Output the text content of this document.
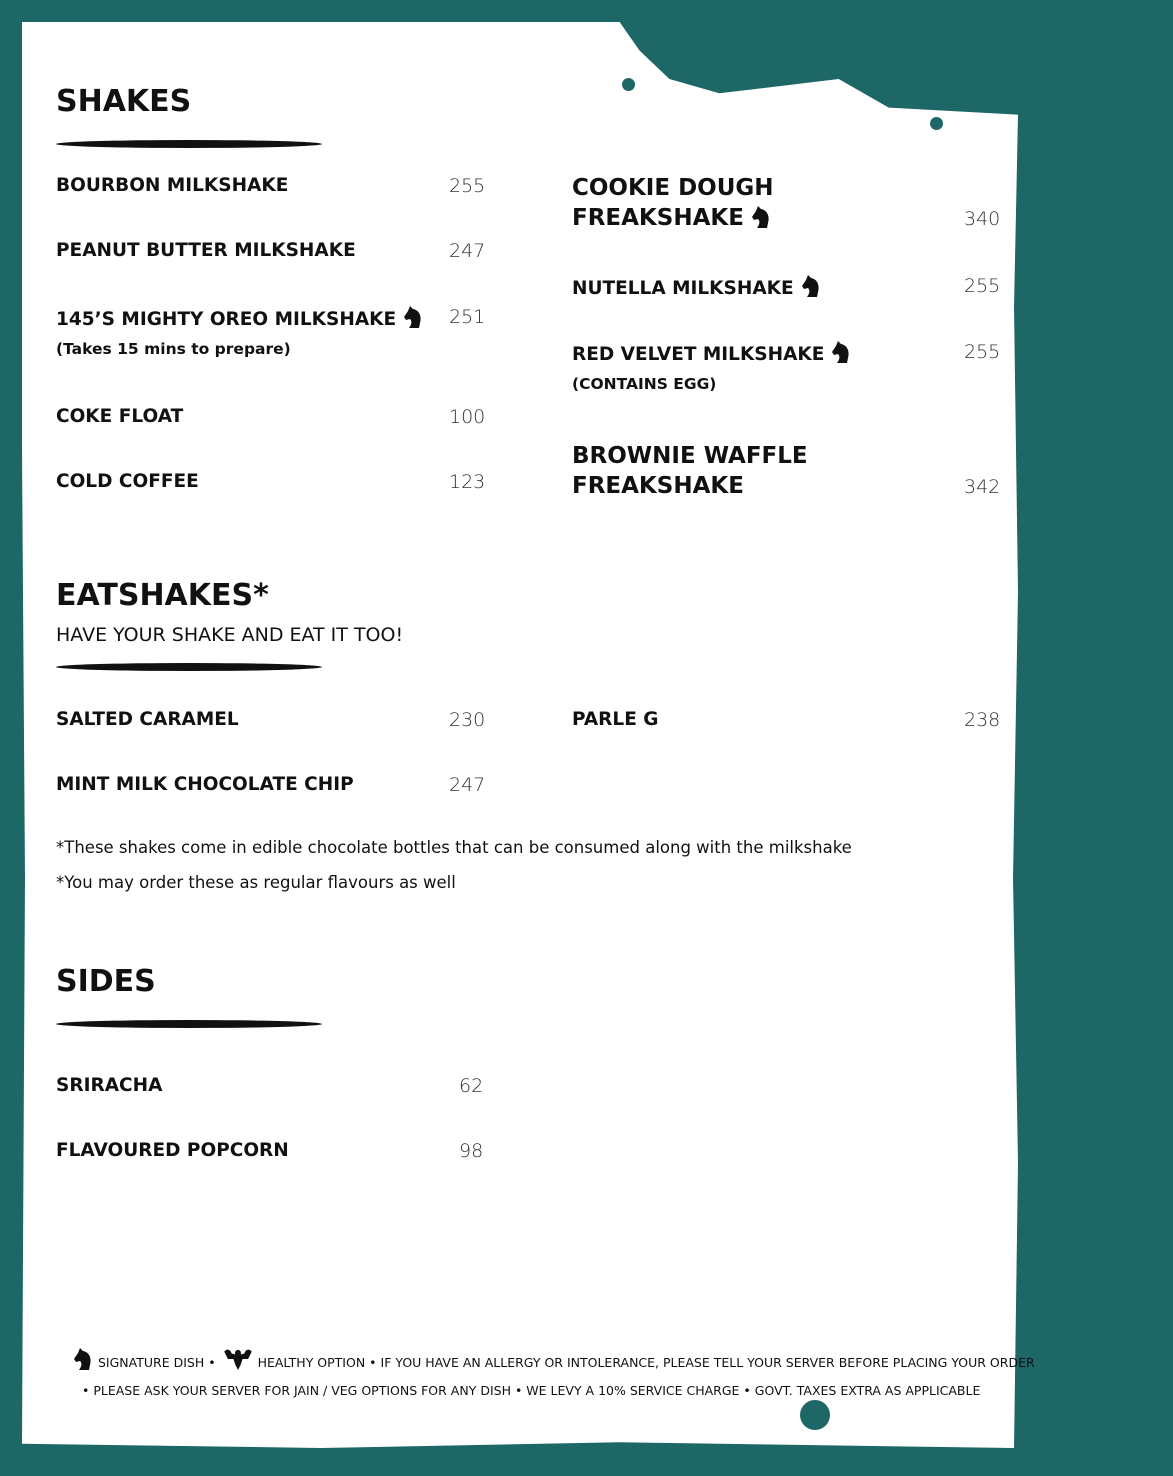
SHAKES
BOURBON MILKSHAKE	255
PEANUT BUTTER MILKSHAKE	247
145’S MIGHTY OREO MILKSHAKE	251
(Takes 15 mins to prepare)
COKE FLOAT	100
COLD COFFEE	123
COOKIE DOUGH
FREAKSHAKE	340
NUTELLA MILKSHAKE	255
RED VELVET MILKSHAKE	255
(CONTAINS EGG)
BROWNIE WAFFLE
FREAKSHAKE	342
EATSHAKES*
HAVE YOUR SHAKE AND EAT IT TOO!
SALTED CARAMEL	230
MINT MILK CHOCOLATE CHIP	247
PARLE G	238
*These shakes come in edible chocolate bottles that can be consumed along with the milkshake
*You may order these as regular flavours as well
SIDES
SRIRACHA	62
FLAVOURED POPCORN	98
SIGNATURE DISH •	HEALTHY OPTION • IF YOU HAVE AN ALLERGY OR INTOLERANCE, PLEASE TELL YOUR SERVER BEFORE PLACING YOUR ORDER
• PLEASE ASK YOUR SERVER FOR JAIN / VEG OPTIONS FOR ANY DISH • WE LEVY A 10% SERVICE CHARGE • GOVT. TAXES EXTRA AS APPLICABLE
